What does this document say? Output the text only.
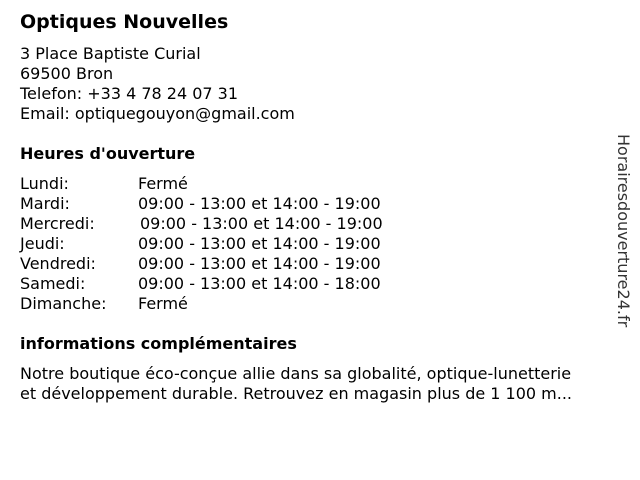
Optiques Nouvelles
3 Place Baptiste Curial
69500 Bron
Telefon: +33 4 78 24 07 31
Email: optiquegouyon@gmail.com
Heures d'ouverture
Lundi:	Fermé
Mardi:	09:00 - 13:00 et 14:00 - 19:00
Mercredi:	09:00 - 13:00 et 14:00 - 19:00
Jeudi:	09:00 - 13:00 et 14:00 - 19:00
Vendredi:	09:00 - 13:00 et 14:00 - 19:00
Samedi:	09:00 - 13:00 et 14:00 - 18:00
Dimanche: Fermé
informations complémentaires

Notre boutique éco-conçue allie dans sa globalité, optique-lunetterie
et développement durable. Retrouvez en magasin plus de 1 100 m...

Horairesdouverture24.fr
